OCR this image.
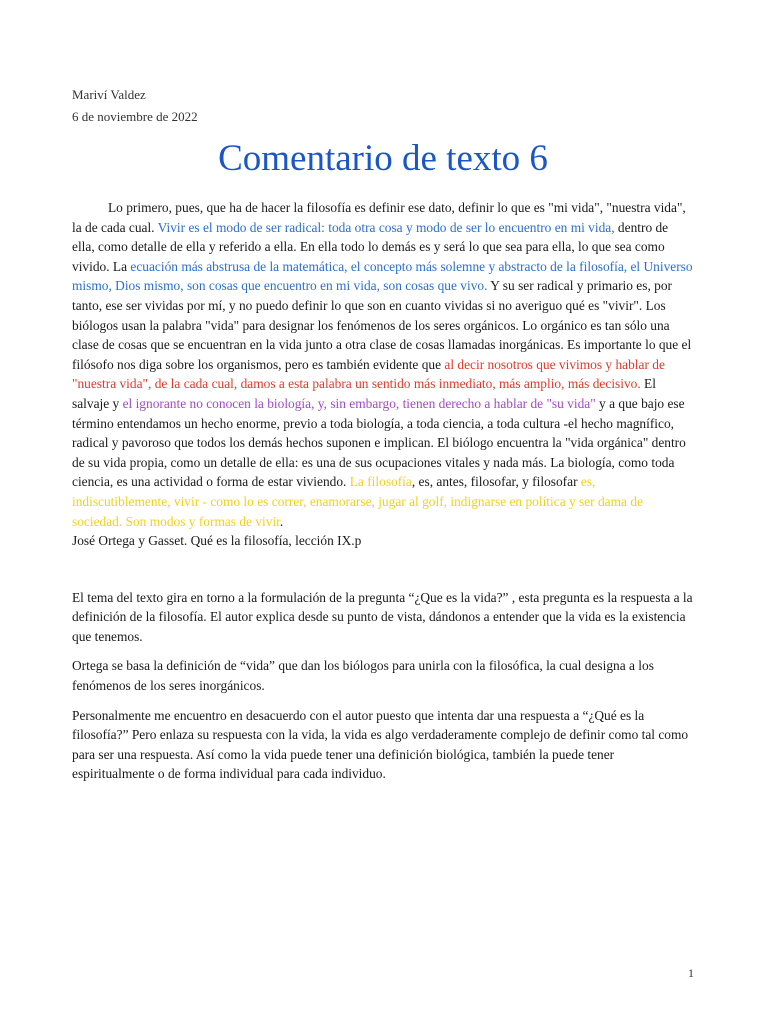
Mariví Valdez

6 de noviembre de 2022

Comentario de texto 6

Lo primero, pues, que ha de hacer la filosofía es definir ese dato, definir lo que es "mi vida", "nuestra vida", la de cada cual. Vivir es el modo de ser radical: toda otra cosa y modo de ser lo encuentro en mi vida, dentro de ella, como detalle de ella y referido a ella. En ella todo lo demás es y será lo que sea para ella, lo que sea como vivido. La ecuación más abstrusa de la matemática, el concepto más solemne y abstracto de la filosofía, el Universo mismo, Dios mismo, son cosas que encuentro en mi vida, son cosas que vivo. Y su ser radical y primario es, por tanto, ese ser vividas por mí, y no puedo definir lo que son en cuanto vividas si no averiguo qué es "vivir". Los biólogos usan la palabra "vida" para designar los fenómenos de los seres orgánicos. Lo orgánico es tan sólo una clase de cosas que se encuentran en la vida junto a otra clase de cosas llamadas inorgánicas. Es importante lo que el filósofo nos diga sobre los organismos, pero es también evidente que al decir nosotros que vivimos y hablar de "nuestra vida", de la cada cual, damos a esta palabra un sentido más inmediato, más amplio, más decisivo. El salvaje y el ignorante no conocen la biología, y, sin embargo, tienen derecho a hablar de "su vida" y a que bajo ese término entendamos un hecho enorme, previo a toda biología, a toda ciencia, a toda cultura -el hecho magnífico, radical y pavoroso que todos los demás hechos suponen e implican. El biólogo encuentra la "vida orgánica" dentro de su vida propia, como un detalle de ella: es una de sus ocupaciones vitales y nada más. La biología, como toda ciencia, es una actividad o forma de estar viviendo. La filosofía, es, antes, filosofar, y filosofar es, indiscutiblemente, vivir - como lo es correr, enamorarse, jugar al golf, indignarse en política y ser dama de sociedad. Son modos y formas de vivir.

José Ortega y Gasset. Qué es la filosofía, lección IX.p

El tema del texto gira en torno a la formulación de la pregunta “¿Que es la vida?” , esta pregunta es la respuesta a la definición de la filosofía. El autor explica desde su punto de vista, dándonos a entender que la vida es la existencia que tenemos.

Ortega se basa la definición de “vida” que dan los biólogos para unirla con la filosófica, la cual designa a los fenómenos de los seres inorgánicos.

Personalmente me encuentro en desacuerdo con el autor puesto que intenta dar una respuesta a “¿Qué es la filosofía?” Pero enlaza su respuesta con la vida, la vida es algo verdaderamente complejo de definir como tal como para ser una respuesta. Así como la vida puede tener una definición biológica, también la puede tener espiritualmente o de forma individual para cada individuo.

1
